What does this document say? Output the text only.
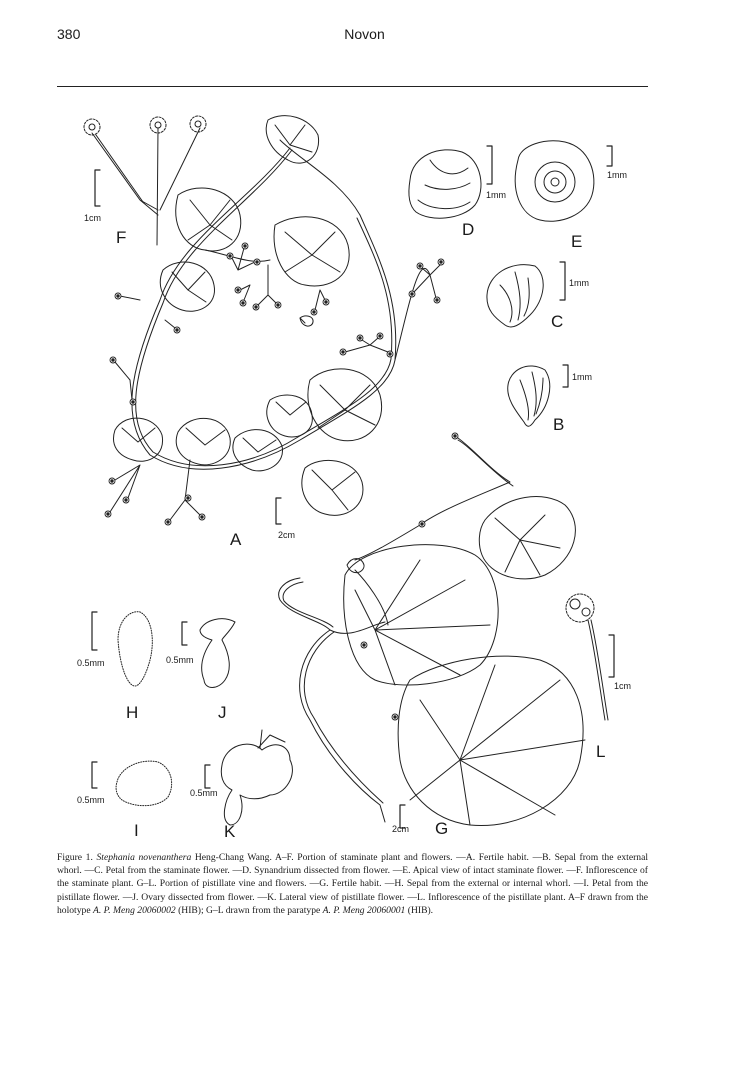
380	Novon
A
B
C
D
E
F
G
H
I
J
K
L
2cm
1mm
1mm
1mm
1mm
1cm
2cm
0.5mm
0.5mm
0.5mm
0.5mm
1cm
Figure 1. Stephania novenanthera Heng-Chang Wang. A–F. Portion of staminate plant and flowers. —A. Fertile habit. —B. Sepal from the external whorl. —C. Petal from the staminate flower. —D. Synandrium dissected from flower. —E. Apical view of intact staminate flower. —F. Inflorescence of the staminate plant. G–L. Portion of pistillate vine and flowers. —G. Fertile habit. —H. Sepal from the external or internal whorl. —I. Petal from the pistillate flower. —J. Ovary dissected from flower. —K. Lateral view of pistillate flower. —L. Inflorescence of the pistillate plant. A–F drawn from the holotype A. P. Meng 20060002 (HIB); G–L drawn from the paratype A. P. Meng 20060001 (HIB).
